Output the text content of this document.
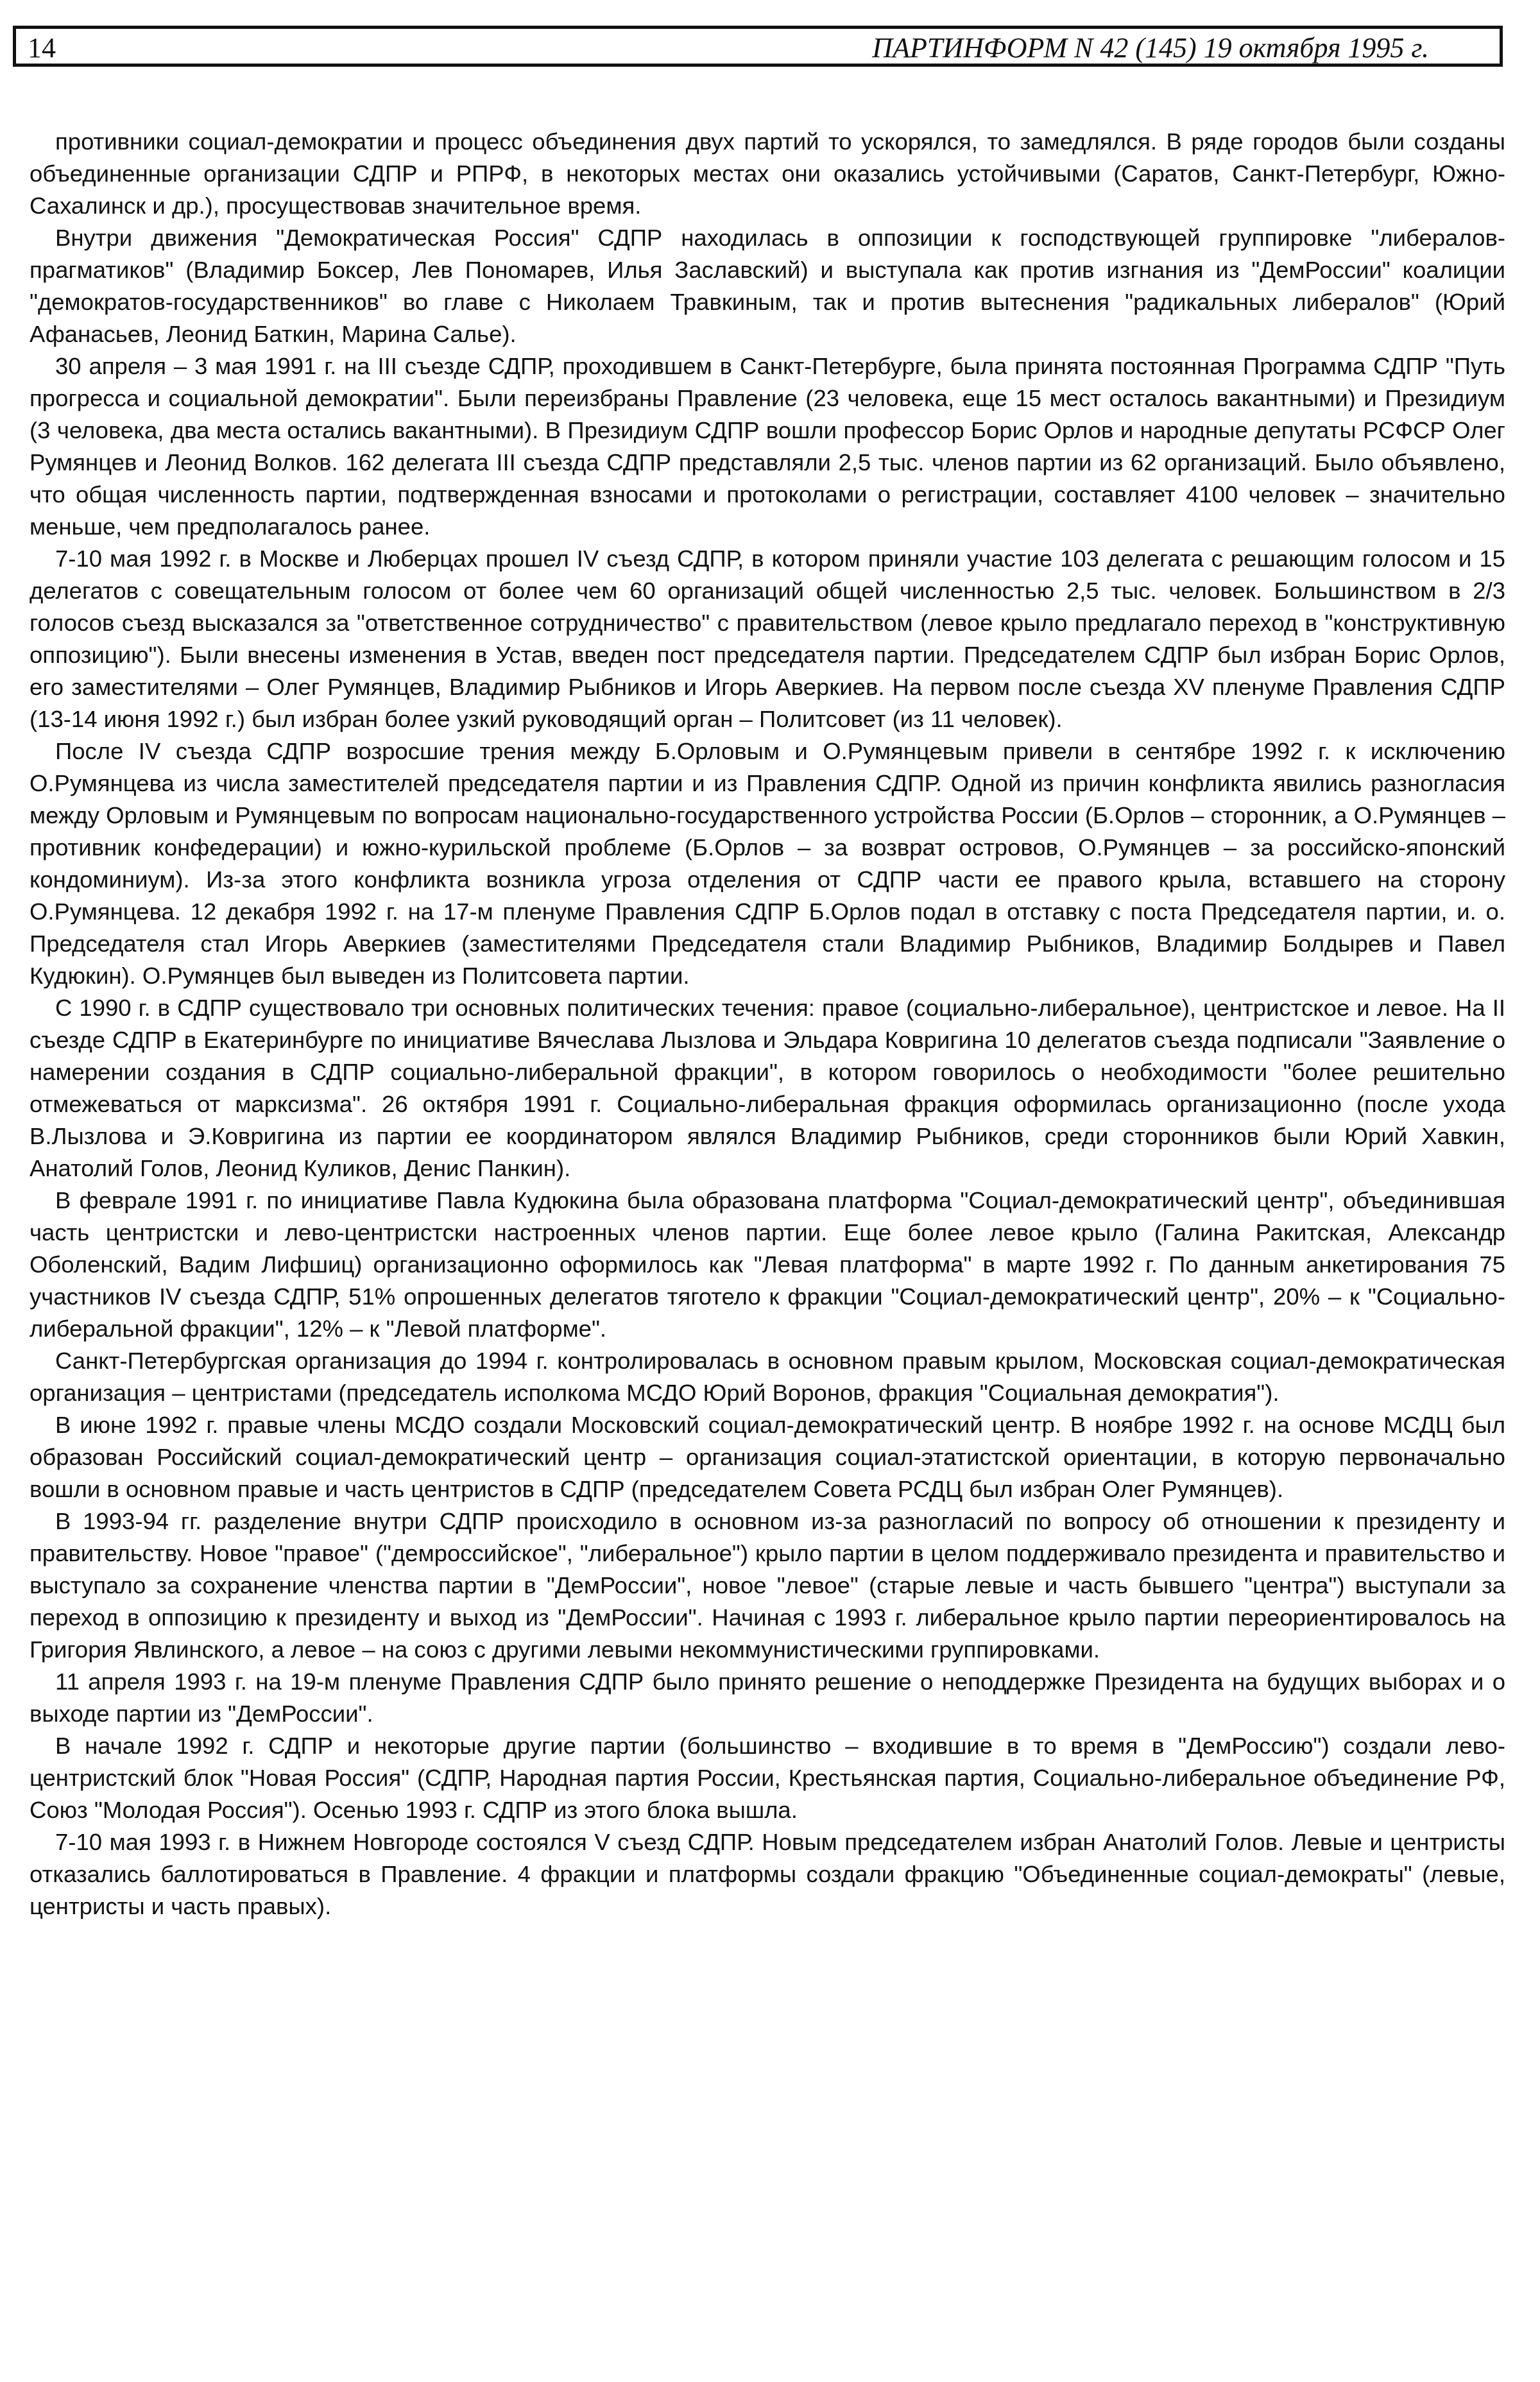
14	ПАРТИНФОРМ N 42 (145) 19 октября 1995 г.

противники социал-демократии и процесс объединения двух партий то ускорялся, то замедлялся. В ряде городов были созданы объединенные организации СДПР и РПРФ, в некоторых местах они оказались устойчивыми (Саратов, Санкт-Петербург, Южно-Сахалинск и др.), просуществовав значительное время.

Внутри движения "Демократическая Россия" СДПР находилась в оппозиции к господствующей группировке "либералов-прагматиков" (Владимир Боксер, Лев Пономарев, Илья Заславский) и выступала как против изгнания из "ДемРоссии" коалиции "демократов-государственников" во главе с Николаем Травкиным, так и против вытеснения "радикальных либералов" (Юрий Афанасьев, Леонид Баткин, Марина Салье).

30 апреля – 3 мая 1991 г. на III съезде СДПР, проходившем в Санкт-Петербурге, была принята постоянная Программа СДПР "Путь прогресса и социальной демократии". Были переизбраны Правление (23 человека, еще 15 мест осталось вакантными) и Президиум (3 человека, два места остались вакантными). В Президиум СДПР вошли профессор Борис Орлов и народные депутаты РСФСР Олег Румянцев и Леонид Волков. 162 делегата III съезда СДПР представляли 2,5 тыс. членов партии из 62 организаций. Было объявлено, что общая численность партии, подтвержденная взносами и протоколами о регистрации, составляет 4100 человек – значительно меньше, чем предполагалось ранее.

7-10 мая 1992 г. в Москве и Люберцах прошел IV съезд СДПР, в котором приняли участие 103 делегата с решающим голосом и 15 делегатов с совещательным голосом от более чем 60 организаций общей численностью 2,5 тыс. человек. Большинством в 2/3 голосов съезд высказался за "ответственное сотрудничество" с правительством (левое крыло предлагало переход в "конструктивную оппозицию"). Были внесены изменения в Устав, введен пост председателя партии. Председателем СДПР был избран Борис Орлов, его заместителями – Олег Румянцев, Владимир Рыбников и Игорь Аверкиев. На первом после съезда XV пленуме Правления СДПР (13-14 июня 1992 г.) был избран более узкий руководящий орган – Политсовет (из 11 человек).

После IV съезда СДПР возросшие трения между Б.Орловым и О.Румянцевым привели в сентябре 1992 г. к исключению О.Румянцева из числа заместителей председателя партии и из Правления СДПР. Одной из причин конфликта явились разногласия между Орловым и Румянцевым по вопросам национально-государственного устройства России (Б.Орлов – сторонник, а О.Румянцев – противник конфедерации) и южно-курильской проблеме (Б.Орлов – за возврат островов, О.Румянцев – за российско-японский кондоминиум). Из-за этого конфликта возникла угроза отделения от СДПР части ее правого крыла, вставшего на сторону О.Румянцева. 12 декабря 1992 г. на 17-м пленуме Правления СДПР Б.Орлов подал в отставку с поста Председателя партии, и. о. Председателя стал Игорь Аверкиев (заместителями Председателя стали Владимир Рыбников, Владимир Болдырев и Павел Кудюкин). О.Румянцев был выведен из Политсовета партии.

С 1990 г. в СДПР существовало три основных политических течения: правое (социально-либеральное), центристское и левое. На II съезде СДПР в Екатеринбурге по инициативе Вячеслава Лызлова и Эльдара Ковригина 10 делегатов съезда подписали "Заявление о намерении создания в СДПР социально-либеральной фракции", в котором говорилось о необходимости "более решительно отмежеваться от марксизма". 26 октября 1991 г. Социально-либеральная фракция оформилась организационно (после ухода В.Лызлова и Э.Ковригина из партии ее координатором являлся Владимир Рыбников, среди сторонников были Юрий Хавкин, Анатолий Голов, Леонид Куликов, Денис Панкин).

В феврале 1991 г. по инициативе Павла Кудюкина была образована платформа "Социал-демократический центр", объединившая часть центристски и лево-центристски настроенных членов партии. Еще более левое крыло (Галина Ракитская, Александр Оболенский, Вадим Лифшиц) организационно оформилось как "Левая платформа" в марте 1992 г. По данным анкетирования 75 участников IV съезда СДПР, 51% опрошенных делегатов тяготело к фракции "Социал-демократический центр", 20% – к "Социально-либеральной фракции", 12% – к "Левой платформе".

Санкт-Петербургская организация до 1994 г. контролировалась в основном правым крылом, Московская социал-демократическая организация – центристами (председатель исполкома МСДО Юрий Воронов, фракция "Социальная демократия").

В июне 1992 г. правые члены МСДО создали Московский социал-демократический центр. В ноябре 1992 г. на основе МСДЦ был образован Российский социал-демократический центр – организация социал-этатистской ориентации, в которую первоначально вошли в основном правые и часть центристов в СДПР (председателем Совета РСДЦ был избран Олег Румянцев).

В 1993-94 гг. разделение внутри СДПР происходило в основном из-за разногласий по вопросу об отношении к президенту и правительству. Новое "правое" ("демроссийское", "либеральное") крыло партии в целом поддерживало президента и правительство и выступало за сохранение членства партии в "ДемРоссии", новое "левое" (старые левые и часть бывшего "центра") выступали за переход в оппозицию к президенту и выход из "ДемРоссии". Начиная с 1993 г. либеральное крыло партии переориентировалось на Григория Явлинского, а левое – на союз с другими левыми некоммунистическими группировками.

11 апреля 1993 г. на 19-м пленуме Правления СДПР было принято решение о неподдержке Президента на будущих выборах и о выходе партии из "ДемРоссии".

В начале 1992 г. СДПР и некоторые другие партии (большинство – входившие в то время в "ДемРоссию") создали лево-центристский блок "Новая Россия" (СДПР, Народная партия России, Крестьянская партия, Социально-либеральное объединение РФ, Союз "Молодая Россия"). Осенью 1993 г. СДПР из этого блока вышла.

7-10 мая 1993 г. в Нижнем Новгороде состоялся V съезд СДПР. Новым председателем избран Анатолий Голов. Левые и центристы отказались баллотироваться в Правление. 4 фракции и платформы создали фракцию "Объединенные социал-демократы" (левые, центристы и часть правых).
